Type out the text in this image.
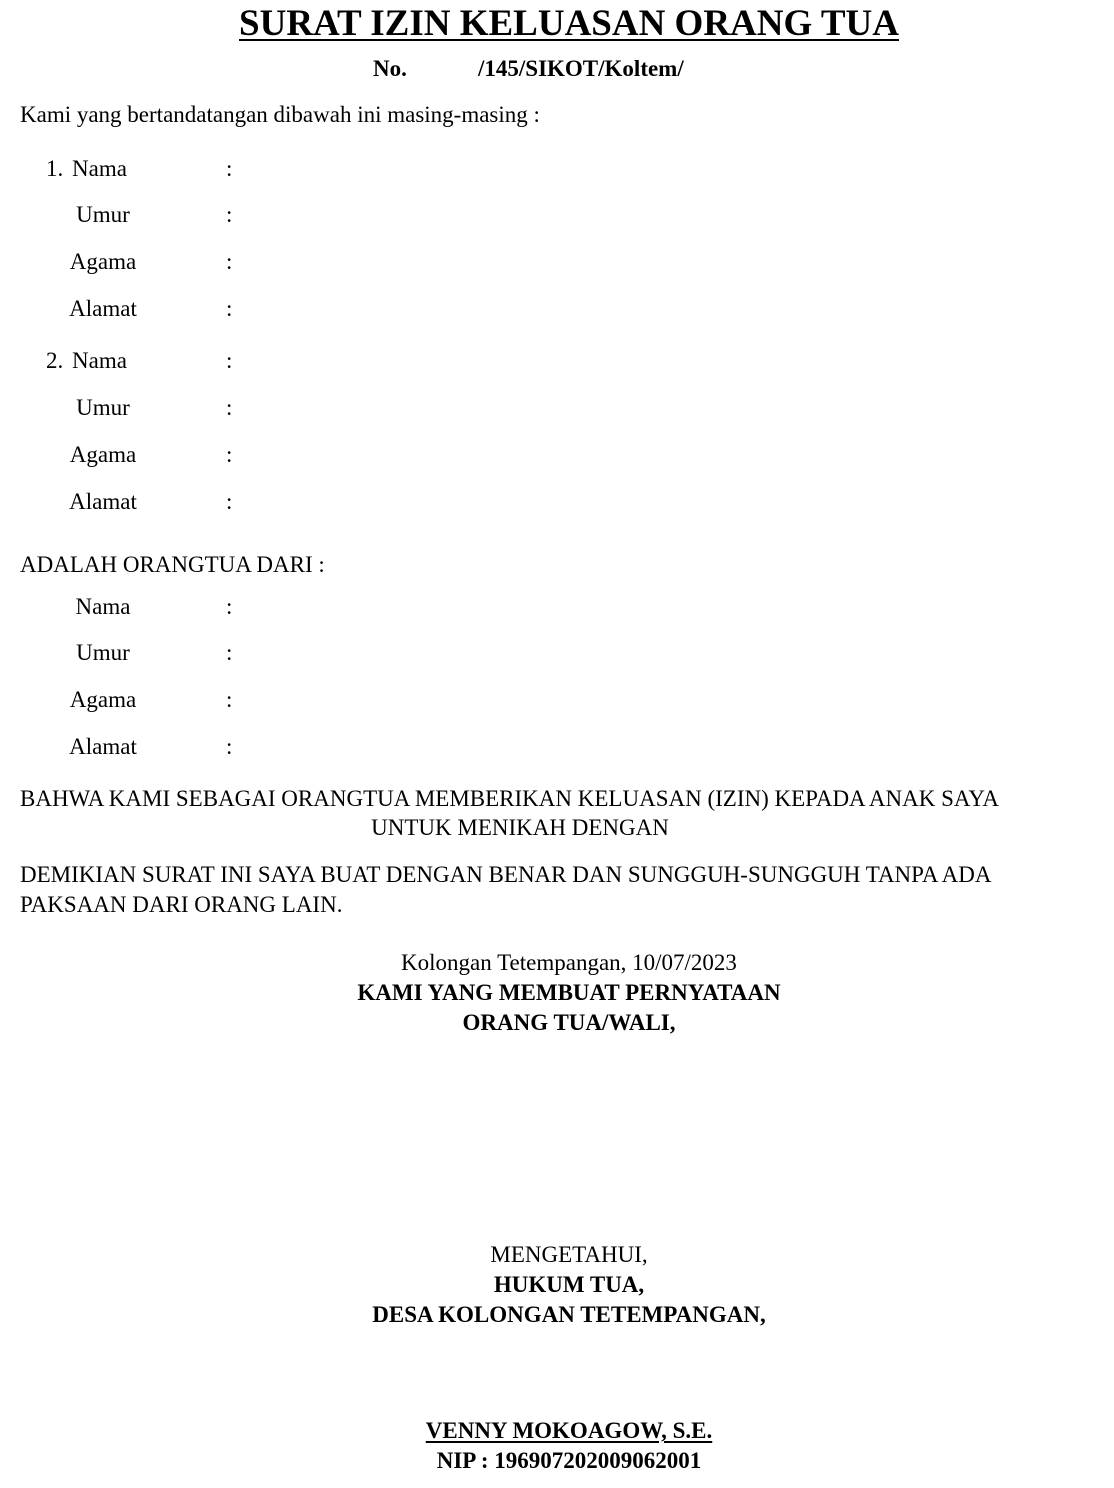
SURAT IZIN KELUASAN ORANG TUA
No.	/145/SIKOT/Koltem/
Kami yang bertandatangan dibawah ini masing-masing :
1. Nama	:
Umur	:
Agama	:
Alamat	:
2. Nama	:
Umur	:
Agama	:
Alamat	:
ADALAH ORANGTUA DARI :
Nama	:
Umur	:
Agama	:
Alamat	:
BAHWA KAMI SEBAGAI ORANGTUA MEMBERIKAN KELUASAN (IZIN) KEPADA ANAK SAYA
UNTUK MENIKAH DENGAN
DEMIKIAN SURAT INI SAYA BUAT DENGAN BENAR DAN SUNGGUH-SUNGGUH TANPA ADA PAKSAAN DARI ORANG LAIN.
Kolongan Tetempangan, 10/07/2023
KAMI YANG MEMBUAT PERNYATAAN
ORANG TUA/WALI,
MENGETAHUI,
HUKUM TUA,
DESA KOLONGAN TETEMPANGAN,
VENNY MOKOAGOW, S.E.
NIP : 196907202009062001
